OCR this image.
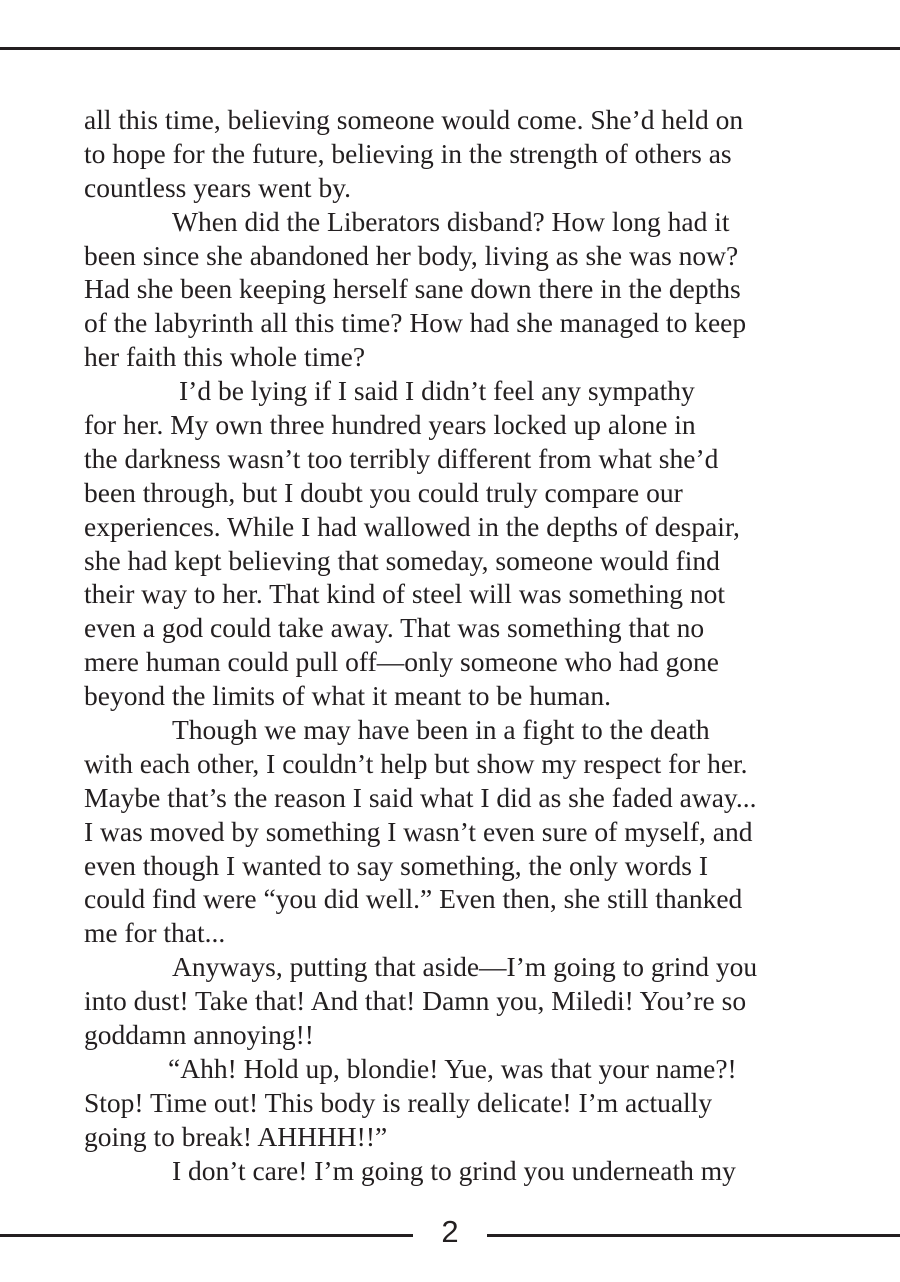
all this time, believing someone would come. She’d held on
to hope for the future, believing in the strength of others as
countless years went by.
When did the Liberators disband? How long had it
been since she abandoned her body, living as she was now?
Had she been keeping herself sane down there in the depths
of the labyrinth all this time? How had she managed to keep
her faith this whole time?
I’d be lying if I said I didn’t feel any sympathy
for her. My own three hundred years locked up alone in
the darkness wasn’t too terribly different from what she’d
been through, but I doubt you could truly compare our
experiences. While I had wallowed in the depths of despair,
she had kept believing that someday, someone would find
their way to her. That kind of steel will was something not
even a god could take away. That was something that no
mere human could pull off—only someone who had gone
beyond the limits of what it meant to be human.
Though we may have been in a fight to the death
with each other, I couldn’t help but show my respect for her.
Maybe that’s the reason I said what I did as she faded away...
I was moved by something I wasn’t even sure of myself, and
even though I wanted to say something, the only words I
could find were “you did well.” Even then, she still thanked
me for that...
Anyways, putting that aside—I’m going to grind you
into dust! Take that! And that! Damn you, Miledi! You’re so
goddamn annoying!!
“Ahh! Hold up, blondie! Yue, was that your name?!
Stop! Time out! This body is really delicate! I’m actually
going to break! AHHHH!!”
I don’t care! I’m going to grind you underneath my
2
